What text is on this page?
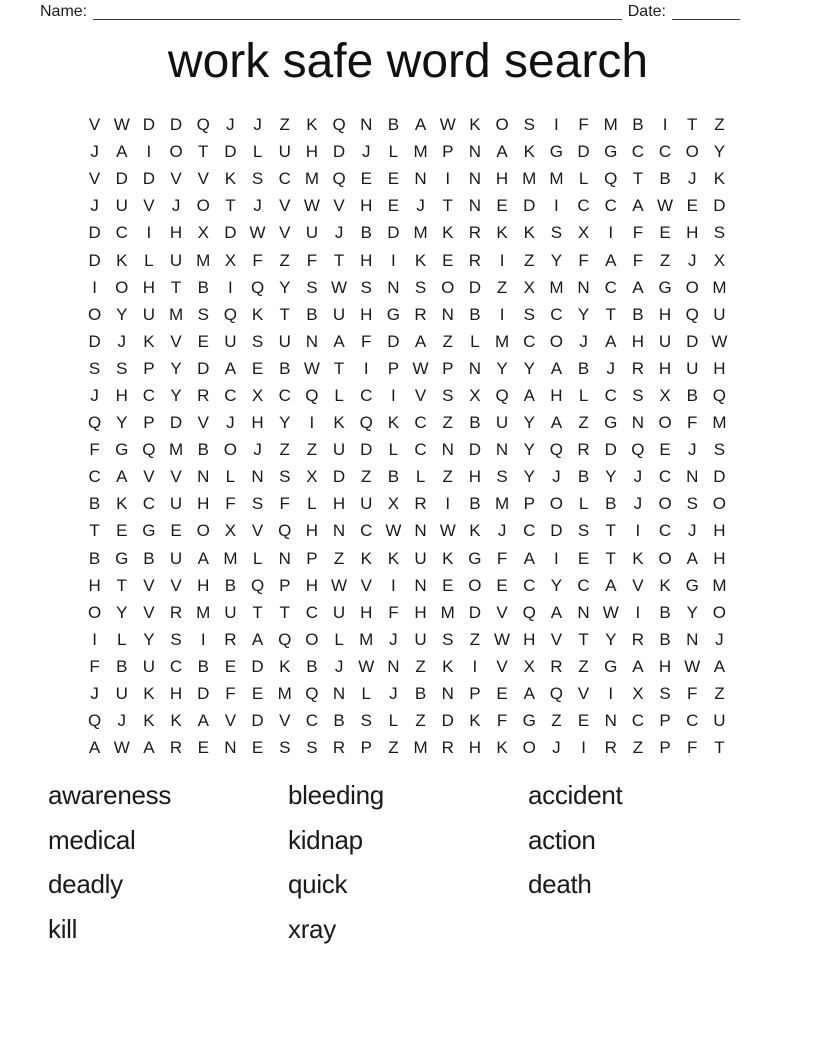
Name:	Date:
work safe word search
V W D D Q J	J	Z K Q N B A W K O S	I	F M B	I	T Z
J	A	I	O T D L U H D J	L M P N A K G D G C C O Y
V D D V V K S C M Q E E N	I	N H M M L Q T B	J	K
J U V	J O T	J	V W V H E	J	T N E D	I	C C A W E D
D C	I	H X D W V U J	B D M K R K K S X	I	F E H S
D K L U M X F Z F T H	I	K E R	I	Z Y F A F Z	J	X
I	O H T B	I	Q Y S W S N S O D Z X M N C A G O M
O Y U M S Q K T B U H G R N B	I	S C Y T B H Q U
D J	K V E U S U N A F D A Z	L M C O J	A H U D W
S S P Y D A E B W T	I	P W P N Y Y A B	J R H U H
J H C Y R C X C Q L C	I	V S X Q A H L C S X B Q
Q Y P D V	J H Y	I	K Q K C Z B U Y A Z G N O F M
F G Q M B O J	Z Z U D L C N D N Y Q R D Q E	J	S
C A V V N L N S X D Z B L	Z H S Y	J	B Y	J C N D
B K C U H F S F	L H U X R	I	B M P O L B	J O S O
T E G E O X V Q H N C W N W K	J C D S T	I	C J H
B G B U A M L N P Z K K U K G F A	I	E T K O A H
H T V V H B Q P H W V	I	N E O E C Y C A V K G M
O Y V R M U T T C U H F H M D V Q A N W I	B Y O
I	L Y S	I	R A Q O L M J U S Z W H V T Y R B N J
F B U C B E D K B	J W N Z K	I	V X R Z G A H W A
J U K H D F E M Q N L	J	B N P E A Q V	I	X S F Z
Q J	K K A V D V C B S L	Z D K F G Z E N C P C U
A W A R E N E S S R P Z M R H K O J	I	R Z P F T
awareness
medical
deadly
kill
bleeding
kidnap
quick
xray
accident
action
death
